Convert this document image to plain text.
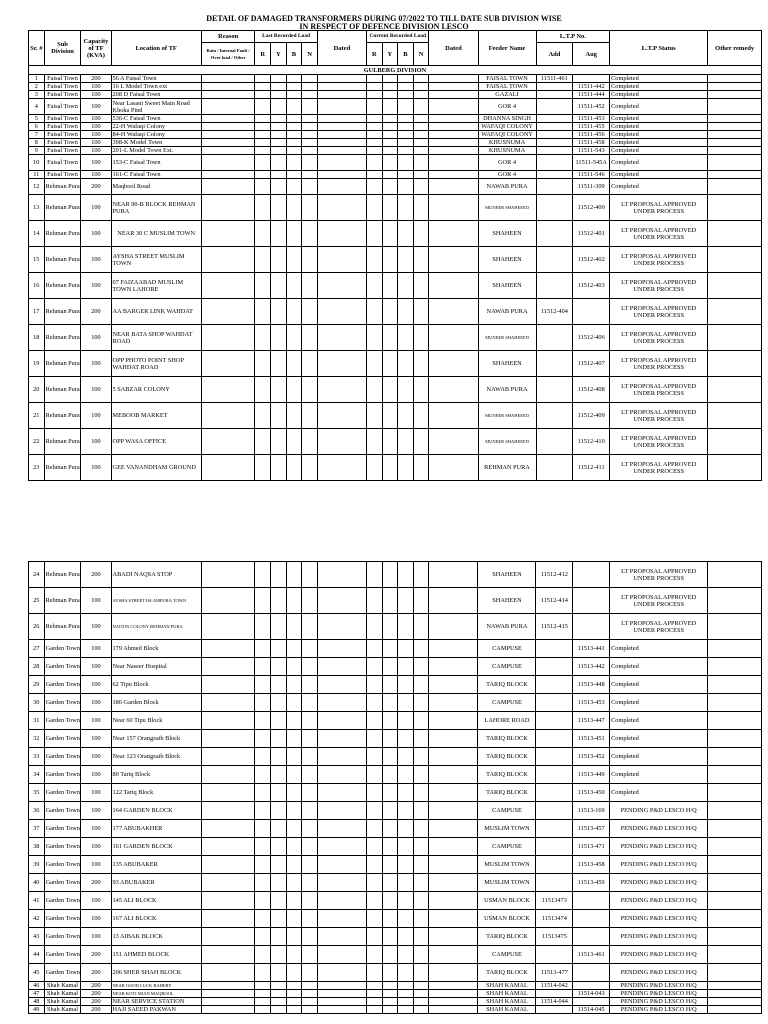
DETAIL OF DAMAGED TRANSFORMERS DURING 07/2022 TO TILL DATE SUB DIVISION WISE
IN RESPECT OF DEFENCE DIVISION LESCO
Sr. #	Sub Division	Capacity of TF (KVA)	Location of TF	Reason	Last Recorded Load				Dated	Current Recorded Load				Dated	Feeder Name	L.T.P No.		L.T.P Status	Other remedy
				Rain / Internal Fault / Over load / Other	R	Y	B	N		R	Y	B	N			Add	Aug		
GULBERG DIVISION																			
1	Faisal Town	200	56 A Faisal Town												FAISAL TOWN	11511-461		Completed	
2	Faisal Town	100	16 L Model Town ext												FAISAL TOWN		11511-442	Completed	
3	Faisal Town	100	208 D Faisal Town												GAZALI		11511-444	Completed	
4	Faisal Town	100	Near Lasani Sweet Main Road Khoka Pind												GOR 4		11511-452	Completed	
5	Faisal Town	100	536-C Faisal Town												DHANNA SINGH		11511-453	Completed	
6	Faisal Town	100	22-H Wafaqi Colony												WAFAQI COLONY		11511-455	Completed	
7	Faisal Town	100	84-H Wafaqi Colony												WAFAQI COLONY		11511-456	Completed	
8	Faisal Town	100	398-K Model Town												KHUSNUMA		11511-458	Completed	
9	Faisal Town	100	201-L Model Town Ext.												KHUSNUMA		11511-543	Completed	
10	Faisal Town	100	153-C Faisal Town												GOR 4		11511-545A	Completed	
11	Faisal Town	100	161-C Faisal Town												GOR 4		11511-546	Completed	
12	Rehman Pura	200	Maqbool Road												NAWAB PURA		11511-309	Completed	
13	Rehman Pura	100	NEAR 90-B BLOCK REHMAN PURA												MUNEER SHAHEEED		11512-400	LT PROPOSAL APPROVED UNDER PROCESS	
14	Rehman Pura	100	NEAR 30 C MUSLIM TOWN												SHAHEEN		11512-401	LT PROPOSAL APPROVED UNDER PROCESS	
15	Rehman Pura	100	AYSHA STREET MUSLIM TOWN												SHAHEEN		11512-402	LT PROPOSAL APPROVED UNDER PROCESS	
16	Rehman Pura	100	07 FAIZAABAD MUSLIM TOWN LAHORE												SHAHEEN		11512-403	LT PROPOSAL APPROVED UNDER PROCESS	
17	Rehman Pura	200	AA BARGER LINK WAHDAT												NAWAB PURA	11512-404		LT PROPOSAL APPROVED UNDER PROCESS	
18	Rehman Pura	100	NEAR BATA SHOP WAHDAT ROAD												MUNEER SHAHEEED		11512-406	LT PROPOSAL APPROVED UNDER PROCESS	
19	Rehman Pura	100	OPP PHOTO POINT SHOP WAHDAT ROAD												SHAHEEN		11512-407	LT PROPOSAL APPROVED UNDER PROCESS	
20	Rehman Pura	100	5 SABZAR COLONY												NAWAB PURA		11512-408	LT PROPOSAL APPROVED UNDER PROCESS	
21	Rehman Pura	100	MEBOOB MARKET												MUNEER SHAHEEED		11512-409	LT PROPOSAL APPROVED UNDER PROCESS	
22	Rehman Pura	100	OPP WASA OFFICE												MUNEER SHAHEEED		11512-410	LT PROPOSAL APPROVED UNDER PROCESS	
23	Rehman Pura	100	GEE VANANDHAM GROUND												REHMAN PURA		11512-411	LT PROPOSAL APPROVED UNDER PROCESS	
24	Rehman Pura	200	ABADI NAQSA STOP												SHAHEEN	11512-412		LT PROPOSAL APPROVED UNDER PROCESS	
25	Rehman Pura	100	AYSHA STREET ISLAMPURA TOWN												SHAHEEN	11512-414		LT PROPOSAL APPROVED UNDER PROCESS	
26	Rehman Pura	100	NATION COLONY REHMAN PURA												NAWAB PURA	11512-415		LT PROPOSAL APPROVED UNDER PROCESS	
27	Garden Town	100	179 Ahmed Block												CAMPUSE		11513-441	Completed	
28	Garden Town	100	Near Naseer Hospital												CAMPUSE		11513-442	Completed	
29	Garden Town	100	62 Tipu Block												TARIQ BLOCK		11513-448	Completed	
30	Garden Town	100	186 Garden Block												CAMPUSE		11513-453	Completed	
31	Garden Town	100	Near 60 Tipu Block												LAHORE ROAD		11513-447	Completed	
32	Garden Town	100	Near 157 Orangzaib Block												TARIQ BLOCK		11513-451	Completed	
33	Garden Town	100	Near 123 Orangzaib Block												TARIQ BLOCK		11513-452	Completed	
34	Garden Town	100	80 Tariq Block												TARIQ BLOCK		11513-449	Completed	
35	Garden Town	100	122 Tariq Block												TARIQ BLOCK		11513-450	Completed	
36	Garden Town	100	164 GARDEN BLOCK												CAMPUSE		11513-169	PENDING P&D LESCO H/Q	
37	Garden Town	100	177 ABUBAKHER												MUSLIM TOWN		11513-457	PENDING P&D LESCO H/Q	
38	Garden Town	100	161 GARDEN BLOCK												CAMPUSE		11513-471	PENDING P&D LESCO H/Q	
39	Garden Town	100	135 ABUBAKER												MUSLIM TOWN		11513-458	PENDING P&D LESCO H/Q	
40	Garden Town	200	93 ABUBAKER												MUSLIM TOWN		11513-459	PENDING P&D LESCO H/Q	
41	Garden Town	100	145 ALI BLOCK												USMAN BLOCK	11513473		PENDING P&D LESCO H/Q	
42	Garden Town	100	167 ALI BLOCK												USMAN BLOCK	11513474		PENDING P&D LESCO H/Q	
43	Garden Town	100	13 AIBAK BLOCK												TARIQ BLOCK	11513475		PENDING P&D LESCO H/Q	
44	Garden Town	200	151 AHMED BLOCK												CAMPUSE		11513-461	PENDING P&D LESCO H/Q	
45	Garden Town	200	206 SHER SHAH BLOCK												TARIQ BLOCK	11513-477		PENDING P&D LESCO H/Q	
46	Shah Kamal	200	NEAR GOOD LUCK BAHERY												SHAH KAMAL	11514-042		PENDING P&D LESCO H/Q	
47	Shah Kamal	200	NEAR KOTI MIAN MAQBOOL												SHAH KAMAL		11514-043	PENDING P&D LESCO H/Q	
48	Shah Kamal	200	NEAR SERVICE STATION												SHAH KAMAL	11514-044		PENDING P&D LESCO H/Q	
49	Shah Kamal	200	HAJI SAEED PAKWAN												SHAH KAMAL		11514-045	PENDING P&D LESCO H/Q	
